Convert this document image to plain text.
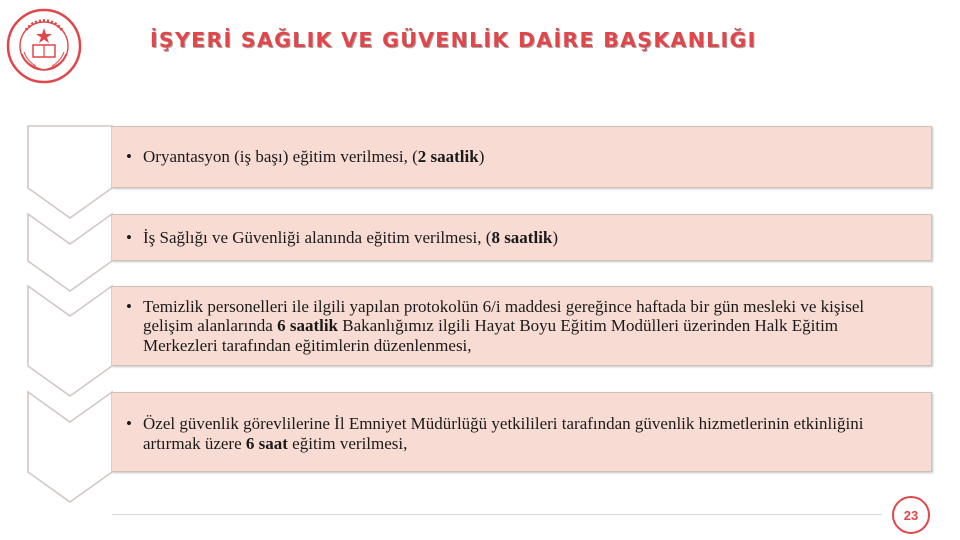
İŞYERİ SAĞLIK VE GÜVENLİK DAİRE BAŞKANLIĞI
• Oryantasyon (iş başı) eğitim verilmesi, (2 saatlik)
• İş Sağlığı ve Güvenliği alanında eğitim verilmesi, (8 saatlik)
• Temizlik personelleri ile ilgili yapılan protokolün 6/i maddesi gereğince haftada bir gün mesleki ve kişisel gelişim alanlarında 6 saatlik Bakanlığımız ilgili Hayat Boyu Eğitim Modülleri üzerinden Halk Eğitim Merkezleri tarafından eğitimlerin düzenlenmesi,
• Özel güvenlik görevlilerine İl Emniyet Müdürlüğü yetkilileri tarafından güvenlik hizmetlerinin etkinliğini artırmak üzere 6 saat eğitim verilmesi,
23
